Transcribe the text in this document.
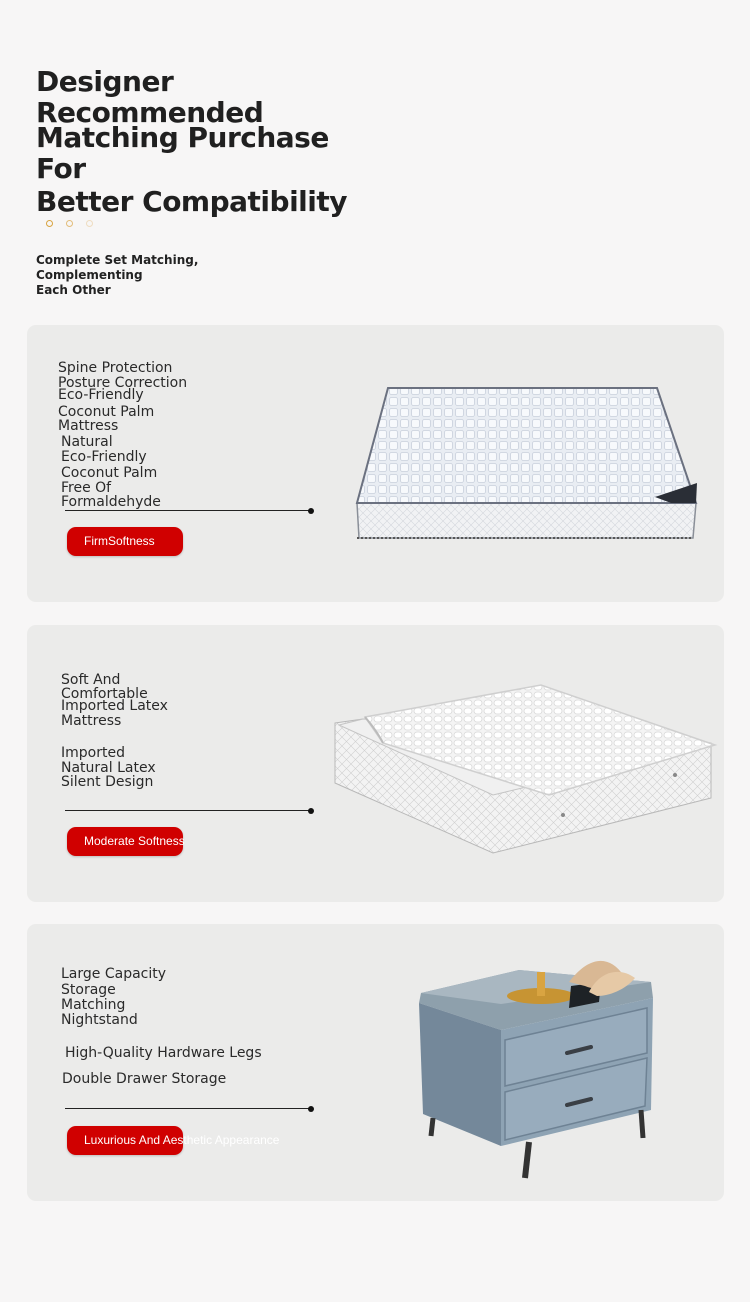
Designer
Recommended
Matching Purchase For
Better Compatibility
Complete Set Matching, Complementing
Each Other
Spine Protection
Posture Correction
Eco-Friendly
Coconut Palm
Mattress
Natural
Eco-Friendly
Coconut Palm
Free Of
Formaldehyde
FirmSoftness
Soft And
Comfortable
Imported Latex
Mattress
Imported
Natural Latex
Silent Design
Moderate Softness
Large Capacity
Storage
Matching
Nightstand
High-Quality Hardware Legs
Double Drawer Storage
Luxurious And Aesthetic Appearance
